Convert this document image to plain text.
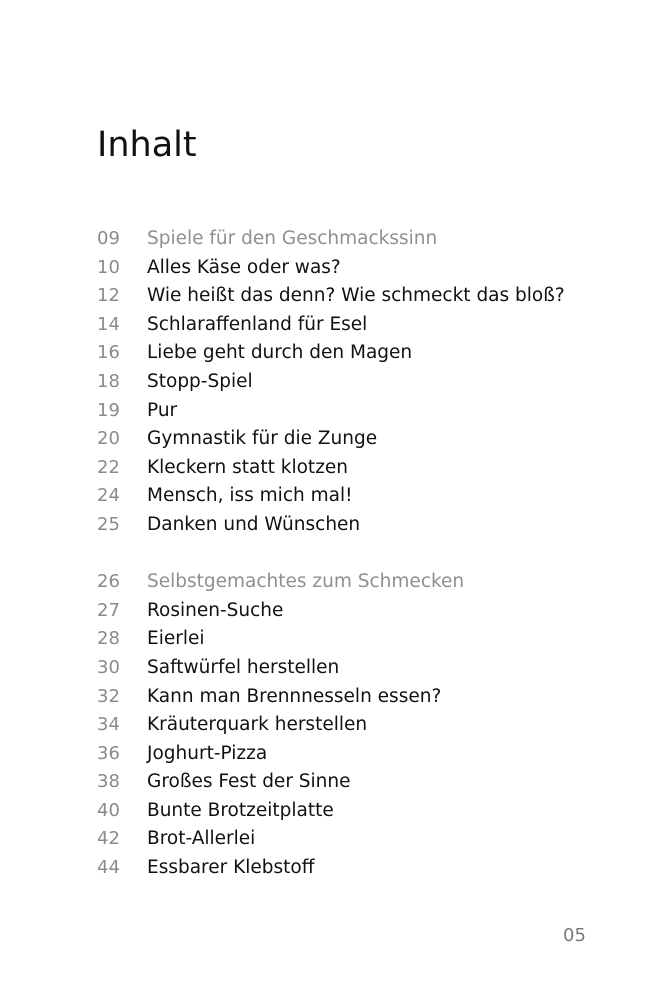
Inhalt
09	Spiele für den Geschmackssinn
10	Alles Käse oder was?
12	Wie heißt das denn? Wie schmeckt das bloß?
14	Schlaraffenland für Esel
16	Liebe geht durch den Magen
18	Stopp-Spiel
19	Pur
20	Gymnastik für die Zunge
22	Kleckern statt klotzen
24	Mensch, iss mich mal!
25	Danken und Wünschen
26	Selbstgemachtes zum Schmecken
27	Rosinen-Suche
28	Eierlei
30	Saftwürfel herstellen
32	Kann man Brennnesseln essen?
34	Kräuterquark herstellen
36	Joghurt-Pizza
38	Großes Fest der Sinne
40	Bunte Brotzeitplatte
42	Brot-Allerlei
44	Essbarer Klebstoff
05
